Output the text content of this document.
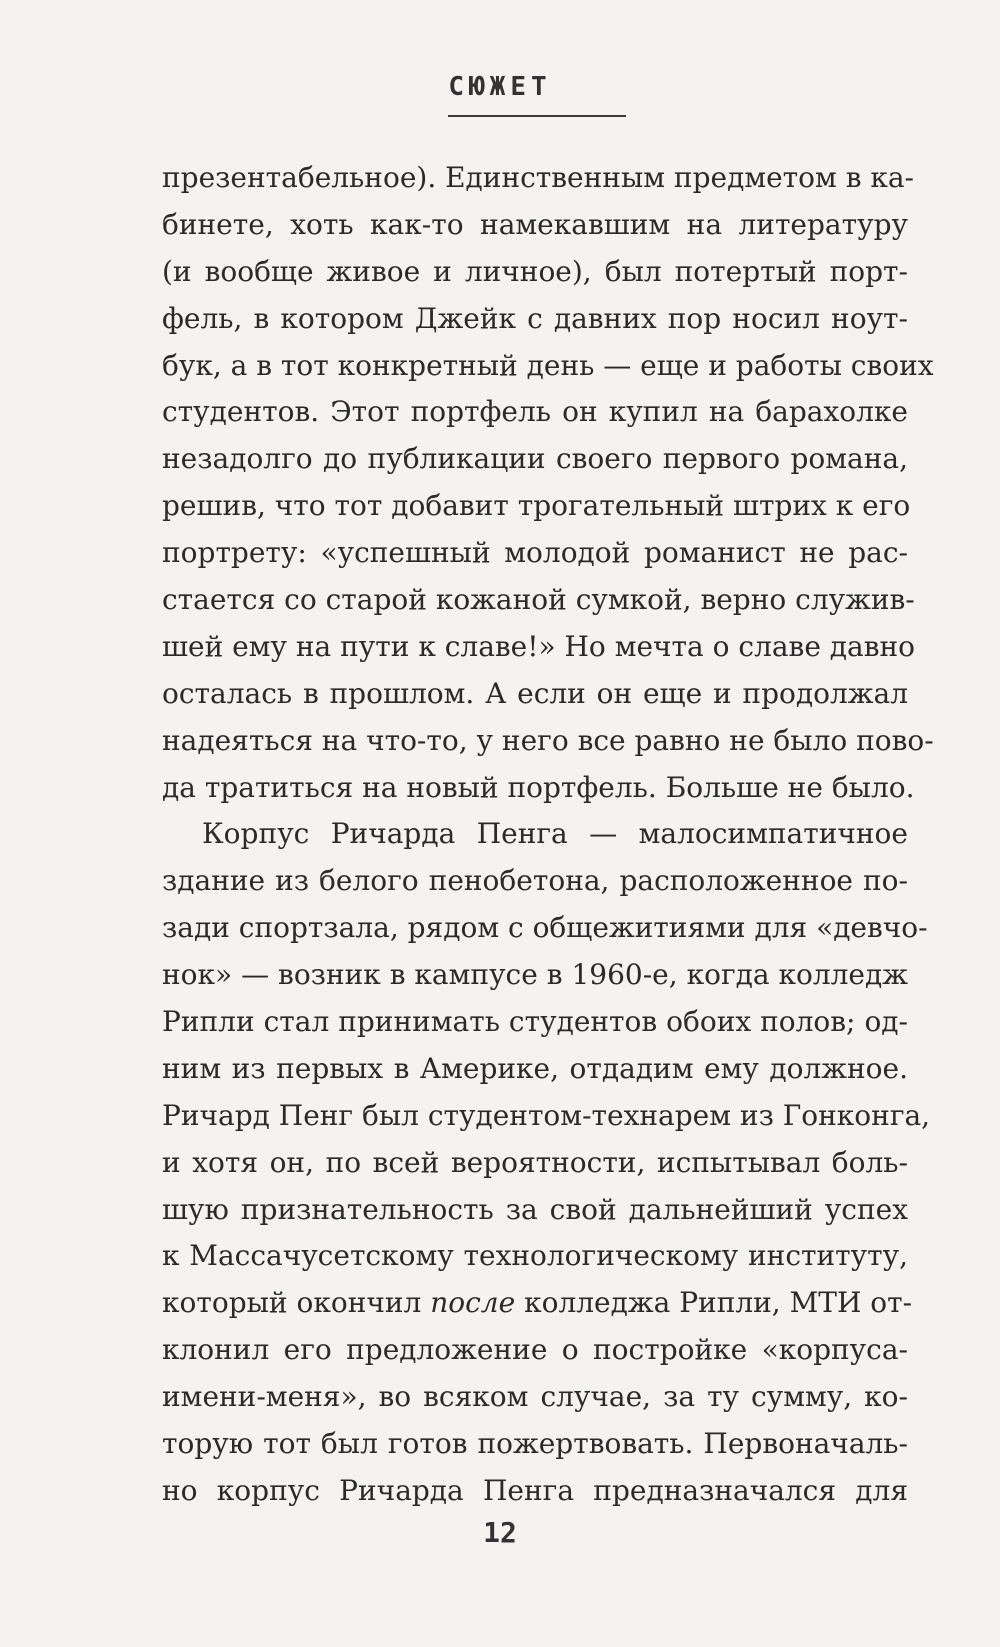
СЮЖЕТ
презентабельное). Единственным предметом в ка-
бинете, хоть как-то намекавшим на литературу
(и вообще живое и личное), был потертый порт-
фель, в котором Джейк с давних пор носил ноут-
бук, а в тот конкретный день — еще и работы своих
студентов. Этот портфель он купил на барахолке
незадолго до публикации своего первого романа,
решив, что тот добавит трогательный штрих к его
портрету: «успешный молодой романист не рас-
стается со старой кожаной сумкой, верно служив-
шей ему на пути к славе!» Но мечта о славе давно
осталась в прошлом. А если он еще и продолжал
надеяться на что-то, у него все равно не было пово-
да тратиться на новый портфель. Больше не было.
Корпус Ричарда Пенга — малосимпатичное
здание из белого пенобетона, расположенное по-
зади спортзала, рядом с общежитиями для «девчо-
нок» — возник в кампусе в 1960-е, когда колледж
Рипли стал принимать студентов обоих полов; од-
ним из первых в Америке, отдадим ему должное.
Ричард Пенг был студентом-технарем из Гонконга,
и хотя он, по всей вероятности, испытывал боль-
шую признательность за свой дальнейший успех
к Массачусетскому технологическому институту,
который окончил после колледжа Рипли, МТИ от-
клонил его предложение о постройке «корпуса-
имени-меня», во всяком случае, за ту сумму, ко-
торую тот был готов пожертвовать. Первоначаль-
но корпус Ричарда Пенга предназначался для
12
